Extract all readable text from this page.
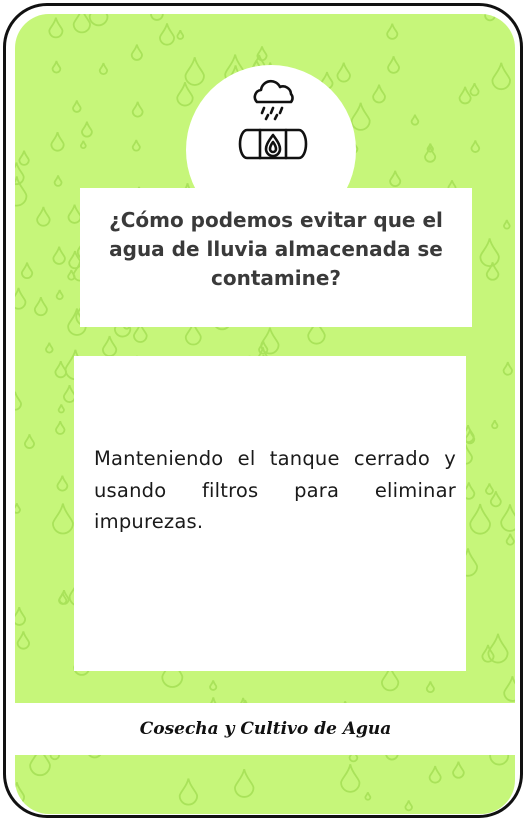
¿Cómo podemos evitar que el agua de lluvia almacenada se contamine?
Manteniendo el tanque cerrado y usando filtros para eliminar impurezas.
Cosecha y Cultivo de Agua
